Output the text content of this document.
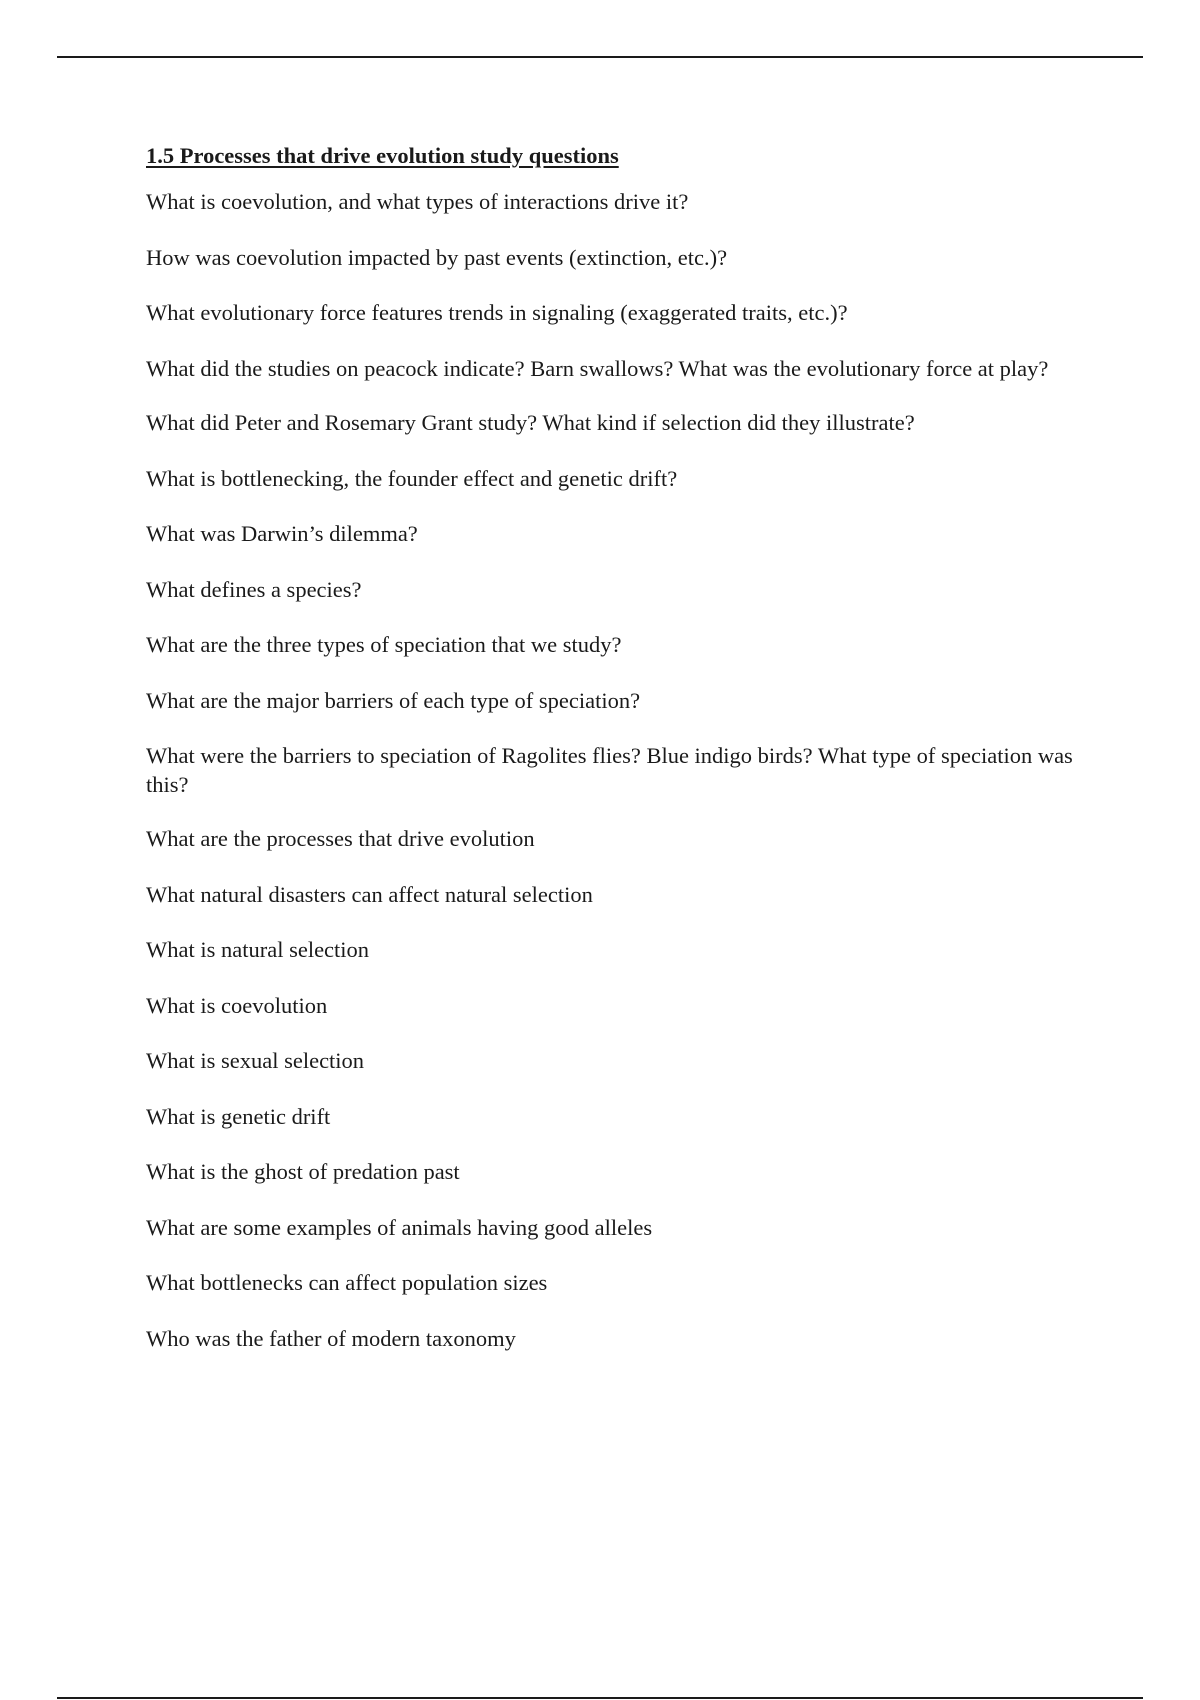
1.5 Processes that drive evolution study questions
What is coevolution, and what types of interactions drive it?
How was coevolution impacted by past events (extinction, etc.)?
What evolutionary force features trends in signaling (exaggerated traits, etc.)?
What did the studies on peacock indicate? Barn swallows? What was the evolutionary force at play?
What did Peter and Rosemary Grant study? What kind if selection did they illustrate?
What is bottlenecking, the founder effect and genetic drift?
What was Darwin’s dilemma?
What defines a species?
What are the three types of speciation that we study?
What are the major barriers of each type of speciation?
What were the barriers to speciation of Ragolites flies? Blue indigo birds? What type of speciation was this?
What are the processes that drive evolution
What natural disasters can affect natural selection
What is natural selection
What is coevolution
What is sexual selection
What is genetic drift
What is the ghost of predation past
What are some examples of animals having good alleles
What bottlenecks can affect population sizes
Who was the father of modern taxonomy
